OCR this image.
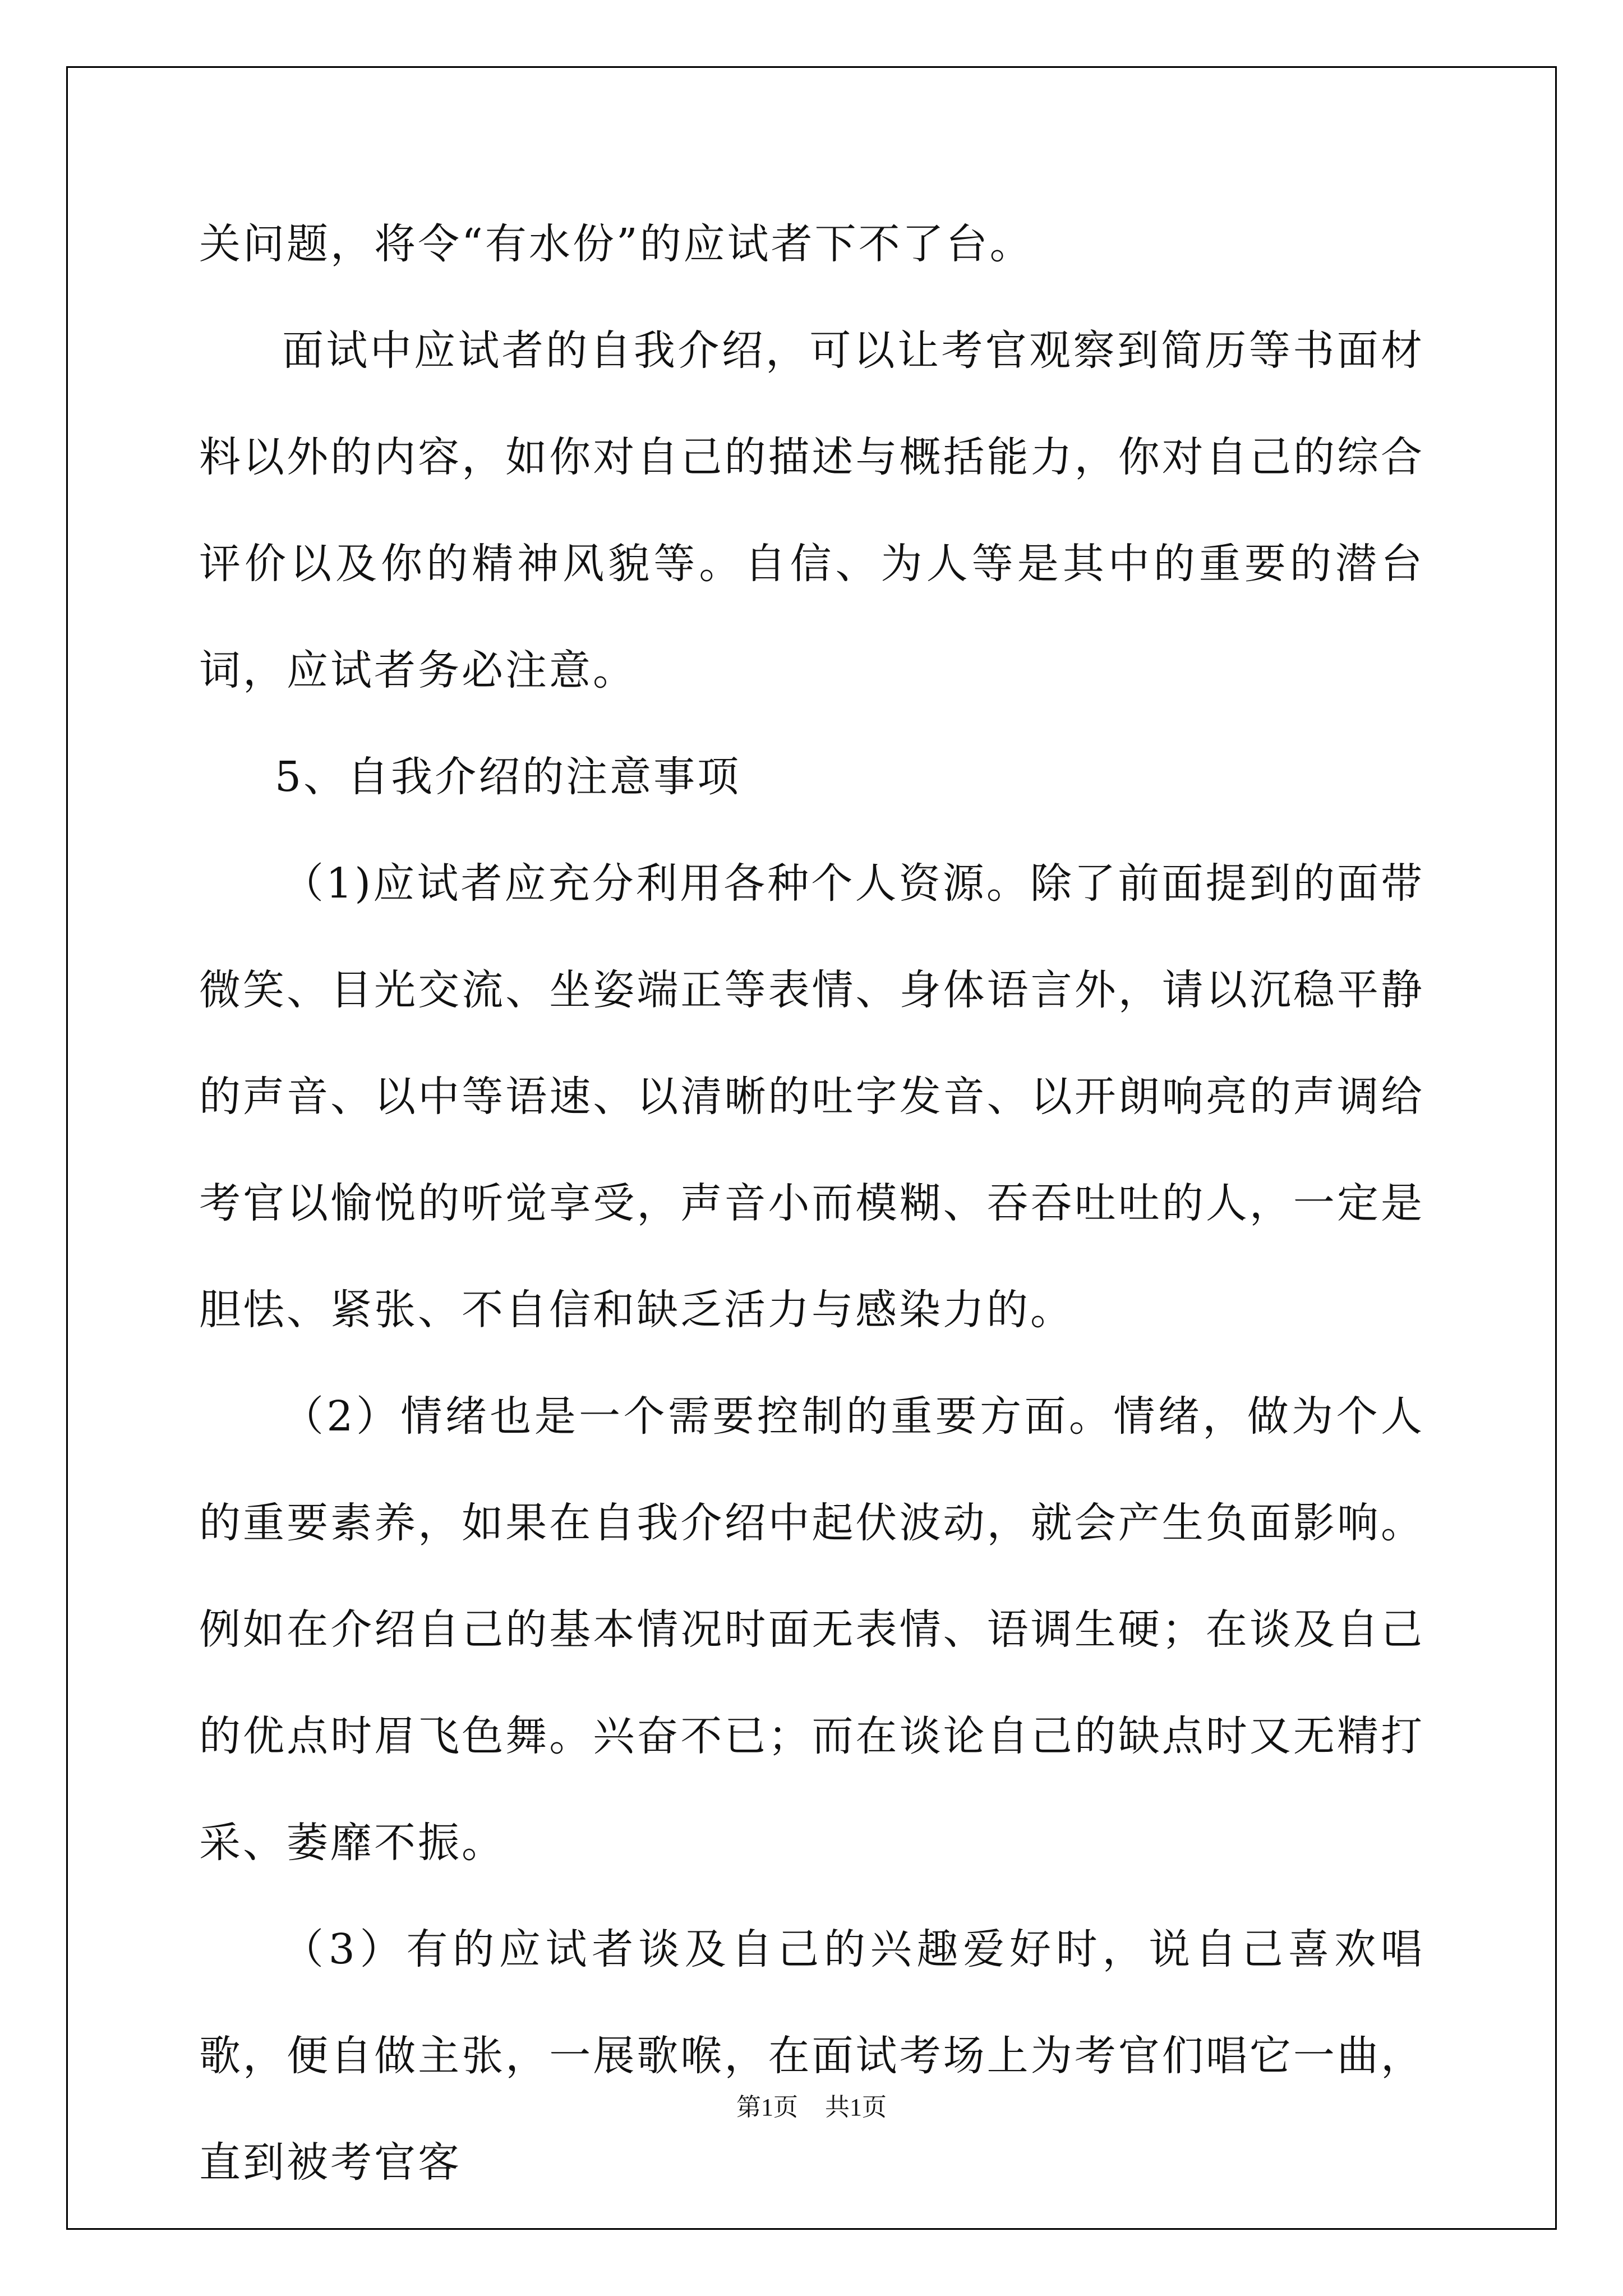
关问题，将令“有水份”的应试者下不了台。

面试中应试者的自我介绍，可以让考官观察到简历等书面材料以外的内容，如你对自己的描述与概括能力，你对自己的综合评价以及你的精神风貌等。自信、为人等是其中的重要的潜台词，应试者务必注意。

5、自我介绍的注意事项

（1)应试者应充分利用各种个人资源。除了前面提到的面带微笑、目光交流、坐姿端正等表情、身体语言外，请以沉稳平静的声音、以中等语速、以清晰的吐字发音、以开朗响亮的声调给考官以愉悦的听觉享受，声音小而模糊、吞吞吐吐的人，一定是胆怯、紧张、不自信和缺乏活力与感染力的。

（2）情绪也是一个需要控制的重要方面。情绪，做为个人的重要素养，如果在自我介绍中起伏波动，就会产生负面影响。例如在介绍自己的基本情况时面无表情、语调生硬；在谈及自己的优点时眉飞色舞。兴奋不已；而在谈论自己的缺点时又无精打采、萎靡不振。

（3）有的应试者谈及自己的兴趣爱好时，说自己喜欢唱歌，便自做主张，一展歌喉，在面试考场上为考官们唱它一曲，直到被考官客

第1页 共1页
